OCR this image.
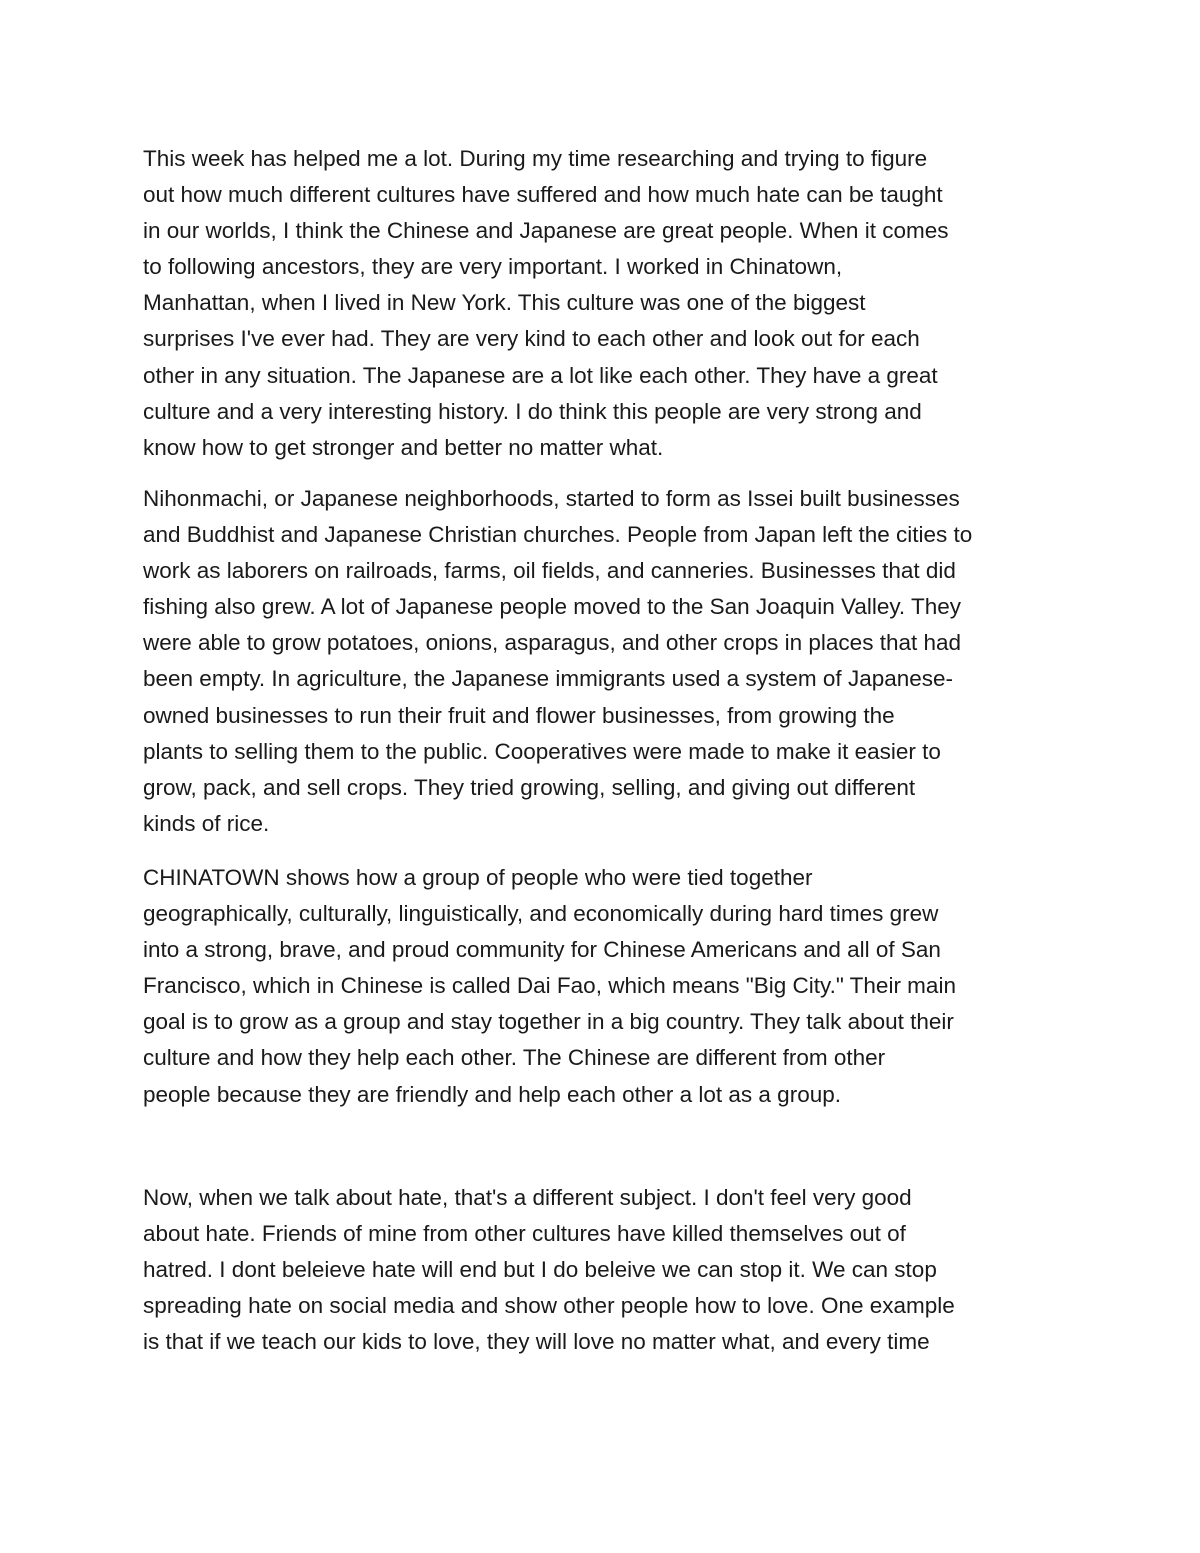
This week has helped me a lot. During my time researching and trying to figure
out how much different cultures have suffered and how much hate can be taught
in our worlds, I think the Chinese and Japanese are great people. When it comes
to following ancestors, they are very important. I worked in Chinatown,
Manhattan, when I lived in New York. This culture was one of the biggest
surprises I've ever had. They are very kind to each other and look out for each
other in any situation. The Japanese are a lot like each other. They have a great
culture and a very interesting history. I do think this people are very strong and
know how to get stronger and better no matter what.

Nihonmachi, or Japanese neighborhoods, started to form as Issei built businesses
and Buddhist and Japanese Christian churches. People from Japan left the cities to
work as laborers on railroads, farms, oil fields, and canneries. Businesses that did
fishing also grew. A lot of Japanese people moved to the San Joaquin Valley. They
were able to grow potatoes, onions, asparagus, and other crops in places that had
been empty. In agriculture, the Japanese immigrants used a system of Japanese-
owned businesses to run their fruit and flower businesses, from growing the
plants to selling them to the public. Cooperatives were made to make it easier to
grow, pack, and sell crops. They tried growing, selling, and giving out different
kinds of rice.

CHINATOWN shows how a group of people who were tied together
geographically, culturally, linguistically, and economically during hard times grew
into a strong, brave, and proud community for Chinese Americans and all of San
Francisco, which in Chinese is called Dai Fao, which means "Big City." Their main
goal is to grow as a group and stay together in a big country. They talk about their
culture and how they help each other. The Chinese are different from other
people because they are friendly and help each other a lot as a group.

Now, when we talk about hate, that's a different subject. I don't feel very good
about hate. Friends of mine from other cultures have killed themselves out of
hatred. I dont beleieve hate will end but I do beleive we can stop it. We can stop
spreading hate on social media and show other people how to love. One example
is that if we teach our kids to love, they will love no matter what, and every time
